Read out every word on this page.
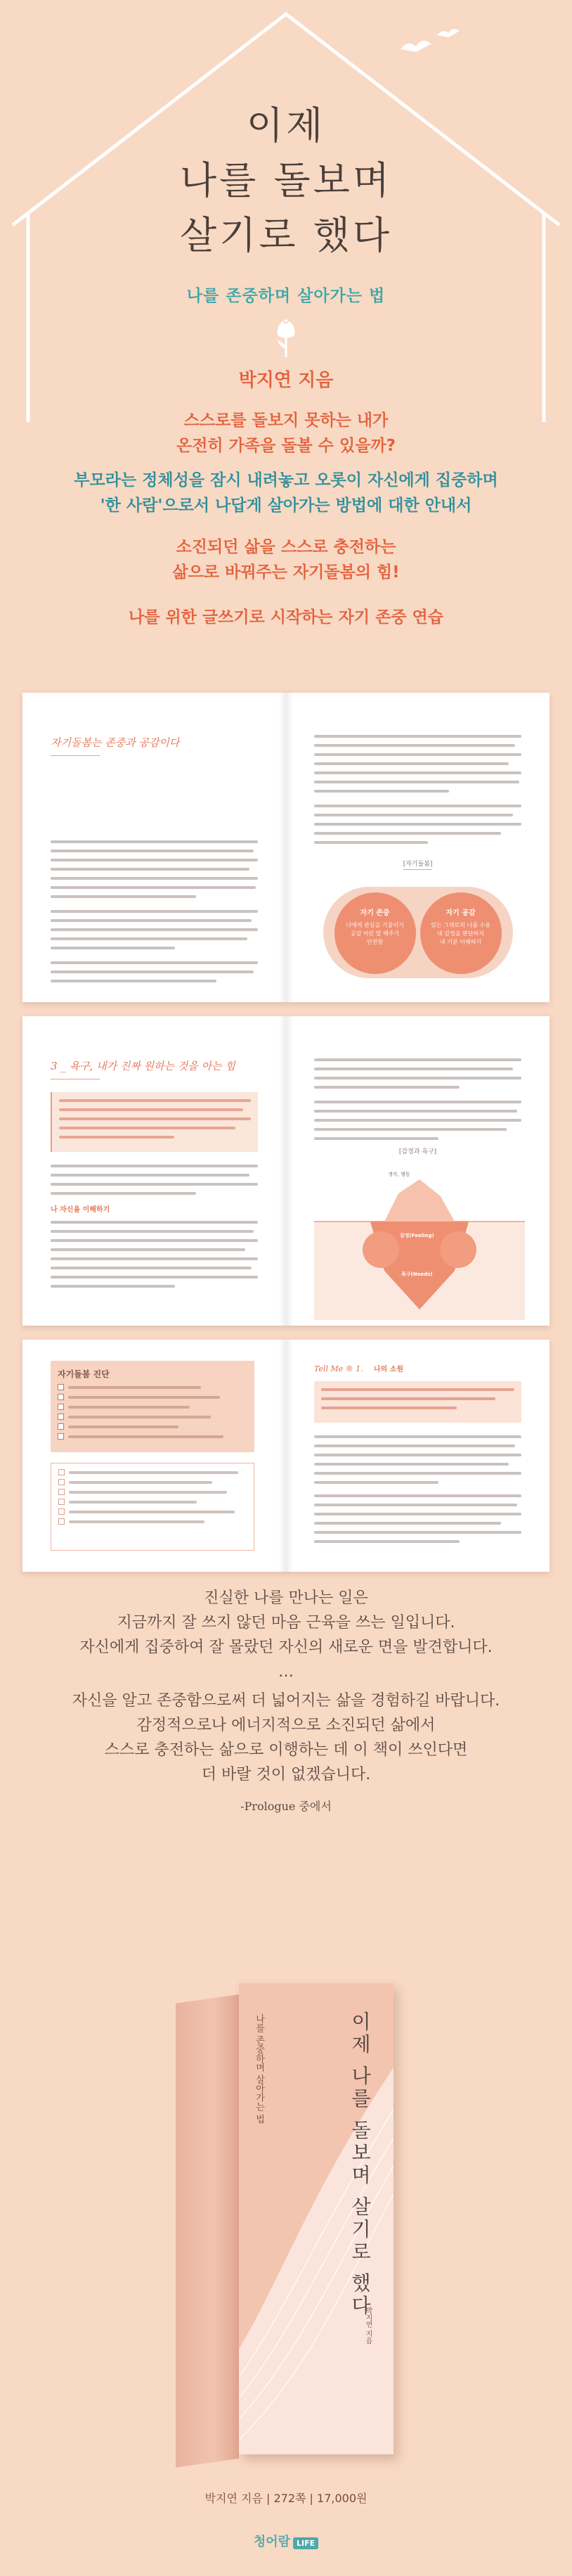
이제
나를 돌보며
살기로 했다
나를 존중하며 살아가는 법
박지연 지음
스스로를 돌보지 못하는 내가
온전히 가족을 돌볼 수 있을까?
부모라는 정체성을 잠시 내려놓고 오롯이 자신에게 집중하며
'한 사람'으로서 나답게 살아가는 방법에 대한 안내서
소진되던 삶을 스스로 충전하는
삶으로 바꿔주는 자기돌봄의 힘!
나를 위한 글쓰기로 시작하는 자기 존중 연습
자기돌봄는 존중과 공감이다
[자기돌봄]
자기 존중
나에게 관심을 기울이기
공감 어린 말 해주기
안전함
자기 공감
있는 그대로의 나를 수용
내 감정을 판단하지
내 기분 이해하기
3 _ 욕구, 내가 진짜 원하는 것을 아는 힘
나 자신을 이해하기
[감정과 욕구]
생각, 행동
감정(Feeling)
욕구(Needs)
자기돌봄 진단
Tell Me ® 1. 나의 소원
진실한 나를 만나는 일은
지금까지 잘 쓰지 않던 마음 근육을 쓰는 일입니다.
자신에게 집중하여 잘 몰랐던 자신의 새로운 면을 발견합니다.
…
자신을 알고 존중함으로써 더 넓어지는 삶을 경험하길 바랍니다.
감정적으로나 에너지적으로 소진되던 삶에서
스스로 충전하는 삶으로 이행하는 데 이 책이 쓰인다면
더 바랄 것이 없겠습니다.
-Prologue 중에서
이제 나를 돌보며 살기로 했다
나를 존중하며 살아가는 법
박지연 지음
박지연 지음 | 272쪽 | 17,000원
청어람 LIFE
